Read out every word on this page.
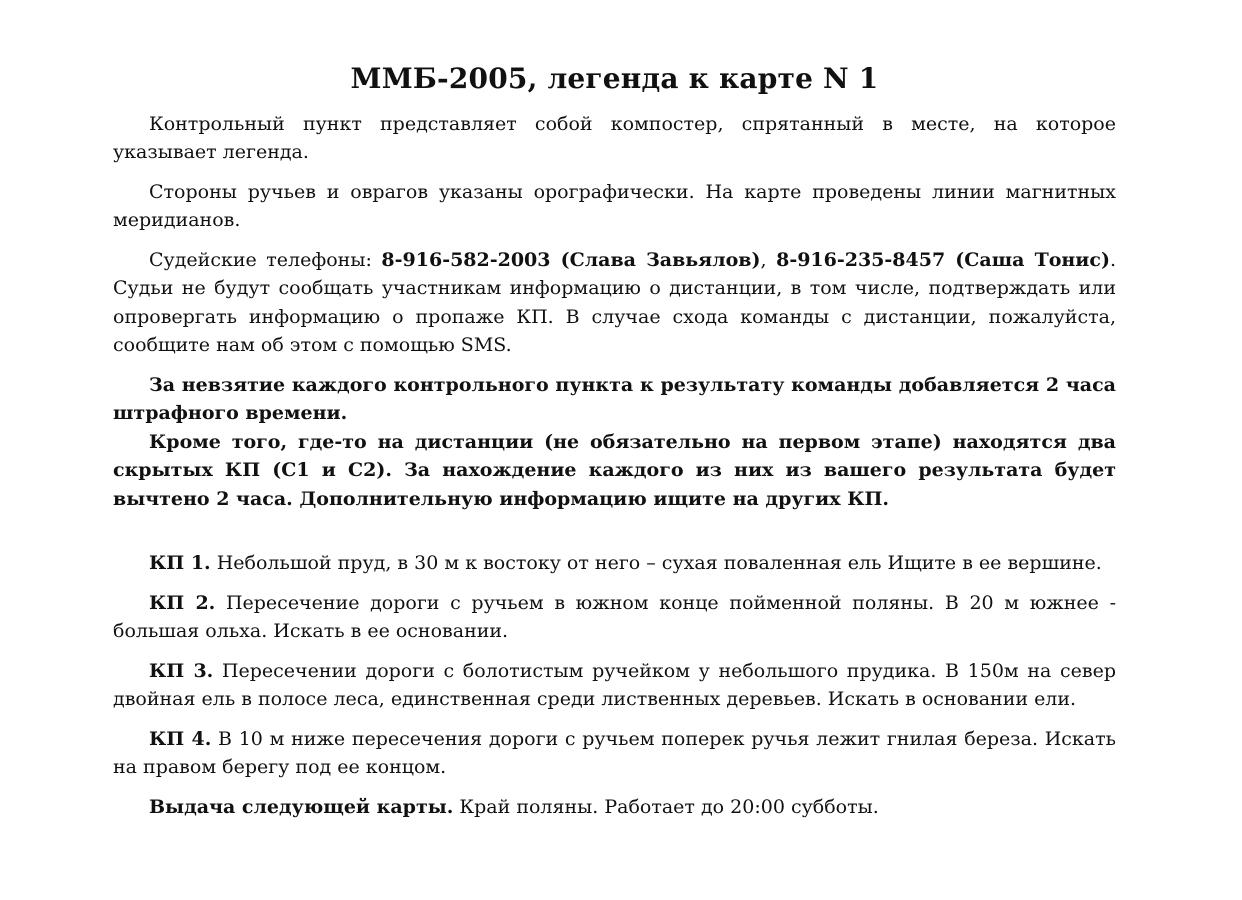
ММБ-2005, легенда к карте N 1

Контрольный пункт представляет собой компостер, спрятанный в месте, на которое указывает легенда.

Стороны ручьев и оврагов указаны орографически. На карте проведены линии магнитных меридианов.

Судейские телефоны: 8-916-582-2003 (Слава Завьялов), 8-916-235-8457 (Саша Тонис). Судьи не будут сообщать участникам информацию о дистанции, в том числе, подтверждать или опровергать информацию о пропаже КП. В случае схода команды с дистанции, пожалуйста, сообщите нам об этом с помощью SMS.

За невзятие каждого контрольного пункта к результату команды добавляется 2 часа штрафного времени.

Кроме того, где-то на дистанции (не обязательно на первом этапе) находятся два скрытых КП (С1 и С2). За нахождение каждого из них из вашего результата будет вычтено 2 часа. Дополнительную информацию ищите на других КП.

КП 1. Небольшой пруд, в 30 м к востоку от него – сухая поваленная ель Ищите в ее вершине.

КП 2. Пересечение дороги с ручьем в южном конце пойменной поляны. В 20 м южнее - большая ольха. Искать в ее основании.

КП 3. Пересечении дороги с болотистым ручейком у небольшого прудика. В 150м на север двойная ель в полосе леса, единственная среди лиственных деревьев. Искать в основании ели.

КП 4. В 10 м ниже пересечения дороги с ручьем поперек ручья лежит гнилая береза. Искать на правом берегу под ее концом.

Выдача следующей карты. Край поляны. Работает до 20:00 субботы.
